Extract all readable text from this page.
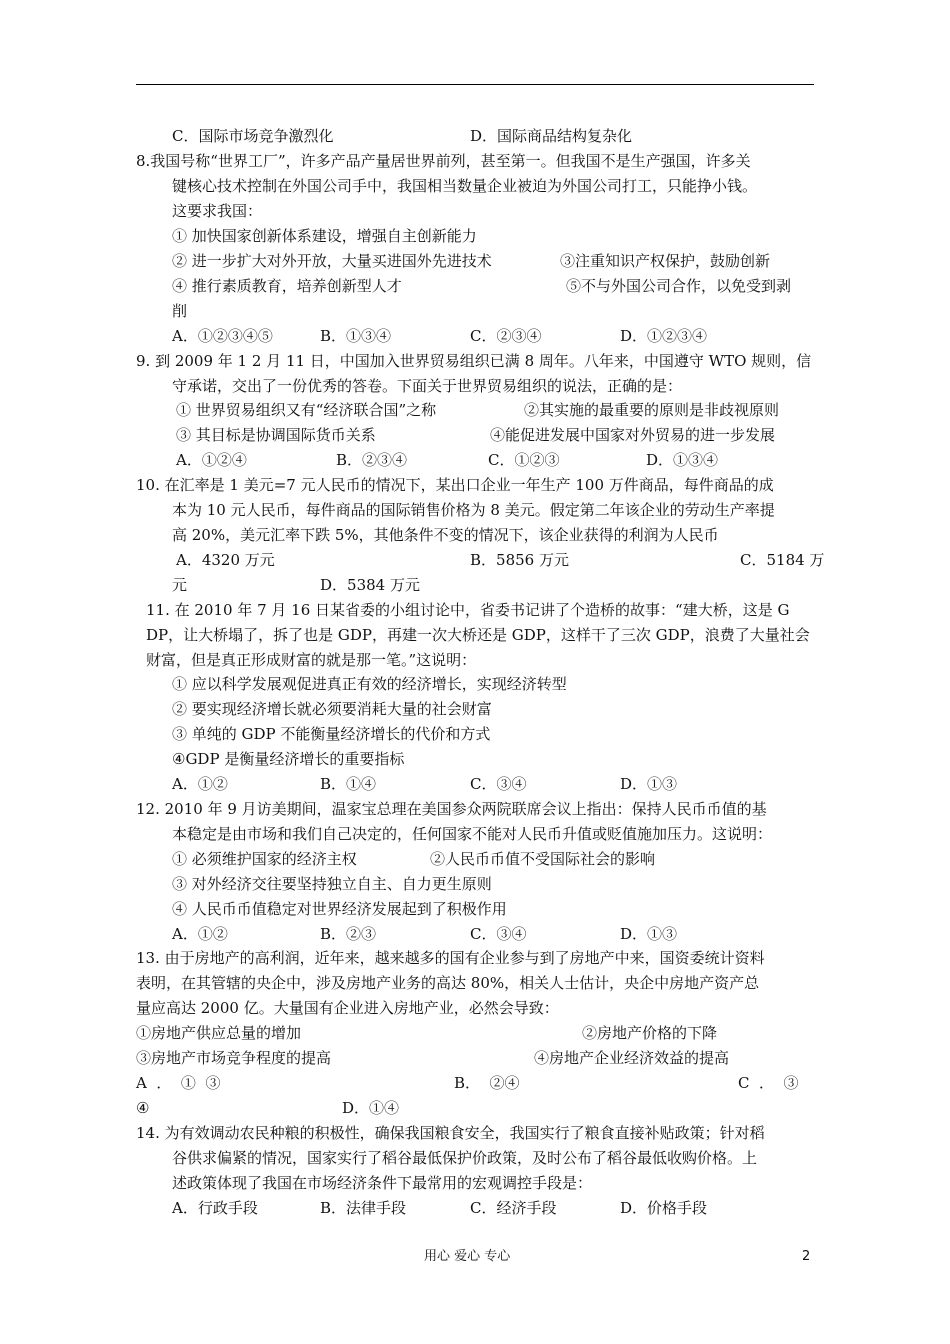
C．国际市场竞争激烈化	D．国际商品结构复杂化
8.我国号称“世界工厂”，许多产品产量居世界前列，甚至第一。但我国不是生产强国，许多关
键核心技术控制在外国公司手中，我国相当数量企业被迫为外国公司打工，只能挣小钱。
这要求我国：
① 加快国家创新体系建设，增强自主创新能力
② 进一步扩大对外开放，大量买进国外先进技术	③注重知识产权保护，鼓励创新
④ 推行素质教育，培养创新型人才	⑤不与外国公司合作，以免受到剥
削
A．①②③④⑤	B．①③④	C．②③④	D．①②③④
9. 到 2009 年 1 2 月 11 日，中国加入世界贸易组织已满 8 周年。八年来，中国遵守 WTO 规则，信
守承诺，交出了一份优秀的答卷。下面关于世界贸易组织的说法，正确的是：
① 世界贸易组织又有“经济联合国”之称	②其实施的最重要的原则是非歧视原则
③ 其目标是协调国际货币关系	④能促进发展中国家对外贸易的进一步发展
A．①②④	B．②③④	C．①②③	D．①③④
10. 在汇率是 1 美元=7 元人民币的情况下，某出口企业一年生产 100 万件商品，每件商品的成
本为 10 元人民币，每件商品的国际销售价格为 8 美元。假定第二年该企业的劳动生产率提
高 20%，美元汇率下跌 5%，其他条件不变的情况下，该企业获得的利润为人民币
A．4320 万元	B．5856 万元	C．5184 万
元	D．5384 万元
11. 在 2010 年 7 月 16 日某省委的小组讨论中，省委书记讲了个造桥的故事：“建大桥，这是 G
DP，让大桥塌了，拆了也是 GDP，再建一次大桥还是 GDP，这样干了三次 GDP，浪费了大量社会
财富，但是真正形成财富的就是那一笔。”这说明：
① 应以科学发展观促进真正有效的经济增长，实现经济转型
② 要实现经济增长就必须要消耗大量的社会财富
③ 单纯的 GDP 不能衡量经济增长的代价和方式
④GDP 是衡量经济增长的重要指标
A．①②	B．①④	C．③④	D．①③
12. 2010 年 9 月访美期间，温家宝总理在美国参众两院联席会议上指出：保持人民币币值的基
本稳定是由市场和我们自己决定的，任何国家不能对人民币升值或贬值施加压力。这说明：
① 必须维护国家的经济主权	②人民币币值不受国际社会的影响
③ 对外经济交往要坚持独立自主、自力更生原则
④ 人民币币值稳定对世界经济发展起到了积极作用
A．①②	B．②③	C．③④	D．①③
13. 由于房地产的高利润，近年来，越来越多的国有企业参与到了房地产中来，国资委统计资料
表明，在其管辖的央企中，涉及房地产业务的高达 80%，相关人士估计，央企中房地产资产总
量应高达 2000 亿。大量国有企业进入房地产业，必然会导致：
①房地产供应总量的增加	②房地产价格的下降
③房地产市场竞争程度的提高	④房地产企业经济效益的提高
A  ．  ①  ③	B．  ②④	C  ．  ③
④	D．①④
14. 为有效调动农民种粮的积极性，确保我国粮食安全，我国实行了粮食直接补贴政策；针对稻
谷供求偏紧的情况，国家实行了稻谷最低保护价政策，及时公布了稻谷最低收购价格。上
述政策体现了我国在市场经济条件下最常用的宏观调控手段是：
A．行政手段	B．法律手段	C．经济手段	D．价格手段
用心 爱心 专心	2
